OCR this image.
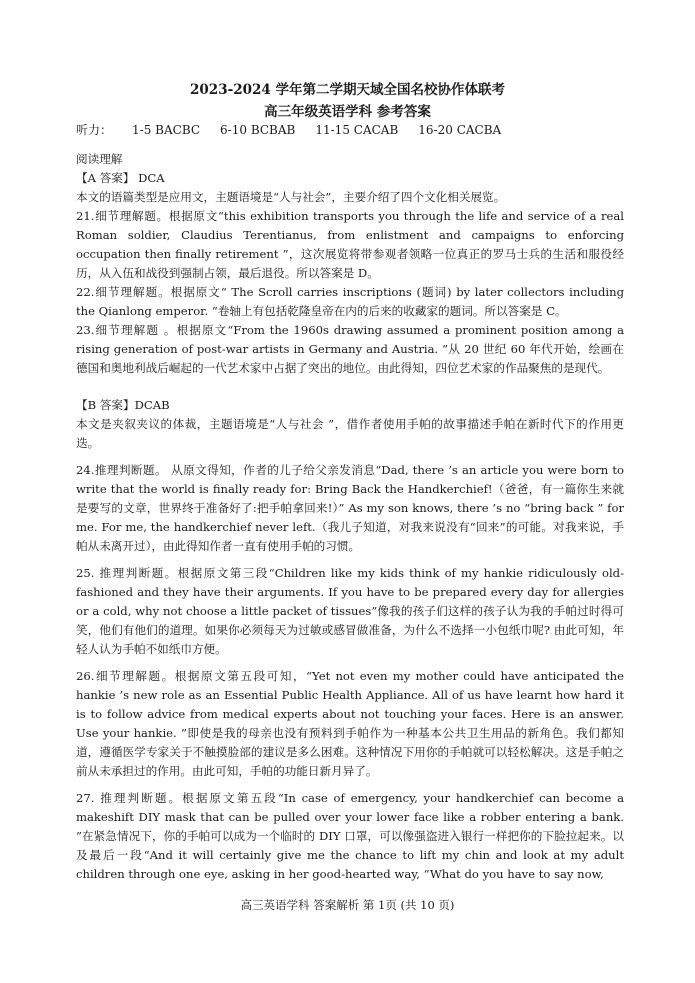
2023-2024 学年第二学期天域全国名校协作体联考
高三年级英语学科 参考答案
听力： 1-5 BACBC 6-10 BCBAB 11-15 CACAB 16-20 CACBA

阅读理解

【A 答案】 DCA

本文的语篇类型是应用文，主题语境是“人与社会”，主要介绍了四个文化相关展览。

21.细节理解题。根据原文“this exhibition transports you through the life and service of a real Roman soldier, Claudius Terentianus, from enlistment and campaigns to enforcing occupation then finally retirement ”，这次展览将带参观者领略一位真正的罗马士兵的生活和服役经历，从入伍和战役到强制占领，最后退役。所以答案是 D。

22.细节理解题。根据原文“ The Scroll carries inscriptions (题词) by later collectors including the Qianlong emperor. ”卷轴上有包括乾隆皇帝在内的后来的收藏家的题词。所以答案是 C。

23.细节理解题 。根据原文“From the 1960s drawing assumed a prominent position among a rising generation of post-war artists in Germany and Austria. ”从 20 世纪 60 年代开始，绘画在德国和奥地利战后崛起的一代艺术家中占据了突出的地位。由此得知，四位艺术家的作品聚焦的是现代。

【B 答案】DCAB

本文是夹叙夹议的体裁，主题语境是“人与社会 ”，借作者使用手帕的故事描述手帕在新时代下的作用更迭。

24.推理判断题。 从原文得知，作者的儿子给父亲发消息“Dad, there ’s an article you were born to write that the world is finally ready for: Bring Back the Handkerchief!（爸爸，有一篇你生来就是要写的文章，世界终于准备好了:把手帕拿回来!）” As my son knows, there ’s no “bring back ” for me. For me, the handkerchief never left.（我儿子知道，对我来说没有“回来”的可能。对我来说，手帕从未离开过），由此得知作者一直有使用手帕的习惯。

25. 推理判断题。根据原文第三段“Children like my kids think of my hankie ridiculously old-fashioned and they have their arguments. If you have to be prepared every day for allergies or a cold, why not choose a little packet of tissues”像我的孩子们这样的孩子认为我的手帕过时得可笑，他们有他们的道理。如果你必须每天为过敏或感冒做准备，为什么不选择一小包纸巾呢? 由此可知，年轻人认为手帕不如纸巾方便。

26.细节理解题。根据原文第五段可知，“Yet not even my mother could have anticipated the hankie ’s new role as an Essential Public Health Appliance. All of us have learnt how hard it is to follow advice from medical experts about not touching your faces. Here is an answer. Use your hankie. ”即使是我的母亲也没有预料到手帕作为一种基本公共卫生用品的新角色。我们都知道，遵循医学专家关于不触摸脸部的建议是多么困难。这种情况下用你的手帕就可以轻松解决。这是手帕之前从未承担过的作用。由此可知，手帕的功能日新月异了。

27. 推理判断题。根据原文第五段“In case of emergency, your handkerchief can become a makeshift DIY mask that can be pulled over your lower face like a robber entering a bank. ”在紧急情况下，你的手帕可以成为一个临时的 DIY 口罩，可以像强盗进入银行一样把你的下脸拉起来。以及最后一段“And it will certainly give me the chance to lift my chin and look at my adult children through one eye, asking in her good-hearted way, “What do you have to say now,

高三英语学科 答案解析 第 1页 (共 10 页)
